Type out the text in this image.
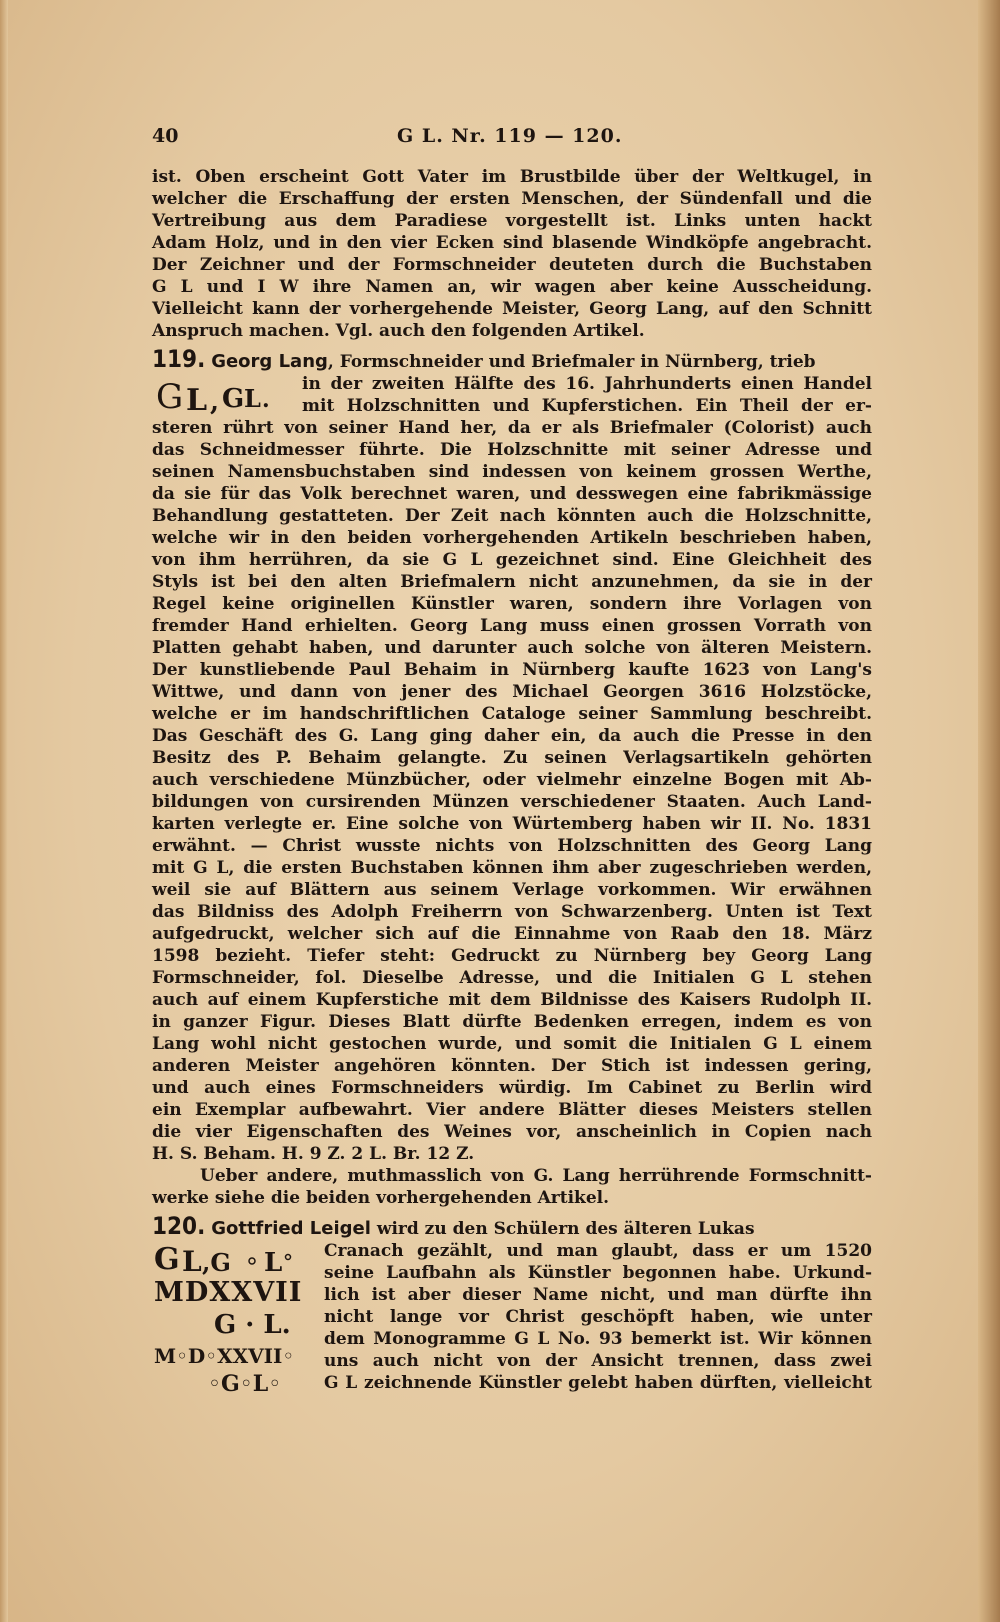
40	G L. Nr. 119 — 120.
ist. Oben erscheint Gott Vater im Brustbilde über der Weltkugel, in
welcher die Erschaffung der ersten Menschen, der Sündenfall und die
Vertreibung aus dem Paradiese vorgestellt ist. Links unten hackt
Adam Holz, und in den vier Ecken sind blasende Windköpfe angebracht.
Der Zeichner und der Formschneider deuteten durch die Buchstaben
G L und I W ihre Namen an, wir wagen aber keine Ausscheidung.
Vielleicht kann der vorhergehende Meister, Georg Lang, auf den Schnitt
Anspruch machen. Vgl. auch den folgenden Artikel.
119. Georg Lang, Formschneider und Briefmaler in Nürnberg, trieb
G L , G L .
in der zweiten Hälfte des 16. Jahrhunderts einen Handel
mit Holzschnitten und Kupferstichen. Ein Theil der er-
steren rührt von seiner Hand her, da er als Briefmaler (Colorist) auch
das Schneidmesser führte. Die Holzschnitte mit seiner Adresse und
seinen Namensbuchstaben sind indessen von keinem grossen Werthe,
da sie für das Volk berechnet waren, und desswegen eine fabrikmässige
Behandlung gestatteten. Der Zeit nach könnten auch die Holzschnitte,
welche wir in den beiden vorhergehenden Artikeln beschrieben haben,
von ihm herrühren, da sie G L gezeichnet sind. Eine Gleichheit des
Styls ist bei den alten Briefmalern nicht anzunehmen, da sie in der
Regel keine originellen Künstler waren, sondern ihre Vorlagen von
fremder Hand erhielten. Georg Lang muss einen grossen Vorrath von
Platten gehabt haben, und darunter auch solche von älteren Meistern.
Der kunstliebende Paul Behaim in Nürnberg kaufte 1623 von Lang's
Wittwe, und dann von jener des Michael Georgen 3616 Holzstöcke,
welche er im handschriftlichen Cataloge seiner Sammlung beschreibt.
Das Geschäft des G. Lang ging daher ein, da auch die Presse in den
Besitz des P. Behaim gelangte. Zu seinen Verlagsartikeln gehörten
auch verschiedene Münzbücher, oder vielmehr einzelne Bogen mit Ab-
bildungen von cursirenden Münzen verschiedener Staaten. Auch Land-
karten verlegte er. Eine solche von Würtemberg haben wir II. No. 1831
erwähnt. — Christ wusste nichts von Holzschnitten des Georg Lang
mit G L, die ersten Buchstaben können ihm aber zugeschrieben werden,
weil sie auf Blättern aus seinem Verlage vorkommen. Wir erwähnen
das Bildniss des Adolph Freiherrn von Schwarzenberg. Unten ist Text
aufgedruckt, welcher sich auf die Einnahme von Raab den 18. März
1598 bezieht. Tiefer steht: Gedruckt zu Nürnberg bey Georg Lang
Formschneider, fol. Dieselbe Adresse, und die Initialen G L stehen
auch auf einem Kupferstiche mit dem Bildnisse des Kaisers Rudolph II.
in ganzer Figur. Dieses Blatt dürfte Bedenken erregen, indem es von
Lang wohl nicht gestochen wurde, und somit die Initialen G L einem
anderen Meister angehören könnten. Der Stich ist indessen gering,
und auch eines Formschneiders würdig. Im Cabinet zu Berlin wird
ein Exemplar aufbewahrt. Vier andere Blätter dieses Meisters stellen
die vier Eigenschaften des Weines vor, anscheinlich in Copien nach
H. S. Beham. H. 9 Z. 2 L. Br. 12 Z.
Ueber andere, muthmasslich von G. Lang herrührende Formschnitt-
werke siehe die beiden vorhergehenden Artikel.
120. Gottfried Leigel wird zu den Schülern des älteren Lukas
G L ,G L
MDXXVII
G · L.
M◦D◦XXVII◦
◦G◦L◦
Cranach gezählt, und man glaubt, dass er um 1520
seine Laufbahn als Künstler begonnen habe. Urkund-
lich ist aber dieser Name nicht, und man dürfte ihn
nicht lange vor Christ geschöpft haben, wie unter
dem Monogramme G L No. 93 bemerkt ist. Wir können
uns auch nicht von der Ansicht trennen, dass zwei
G L zeichnende Künstler gelebt haben dürften, vielleicht
